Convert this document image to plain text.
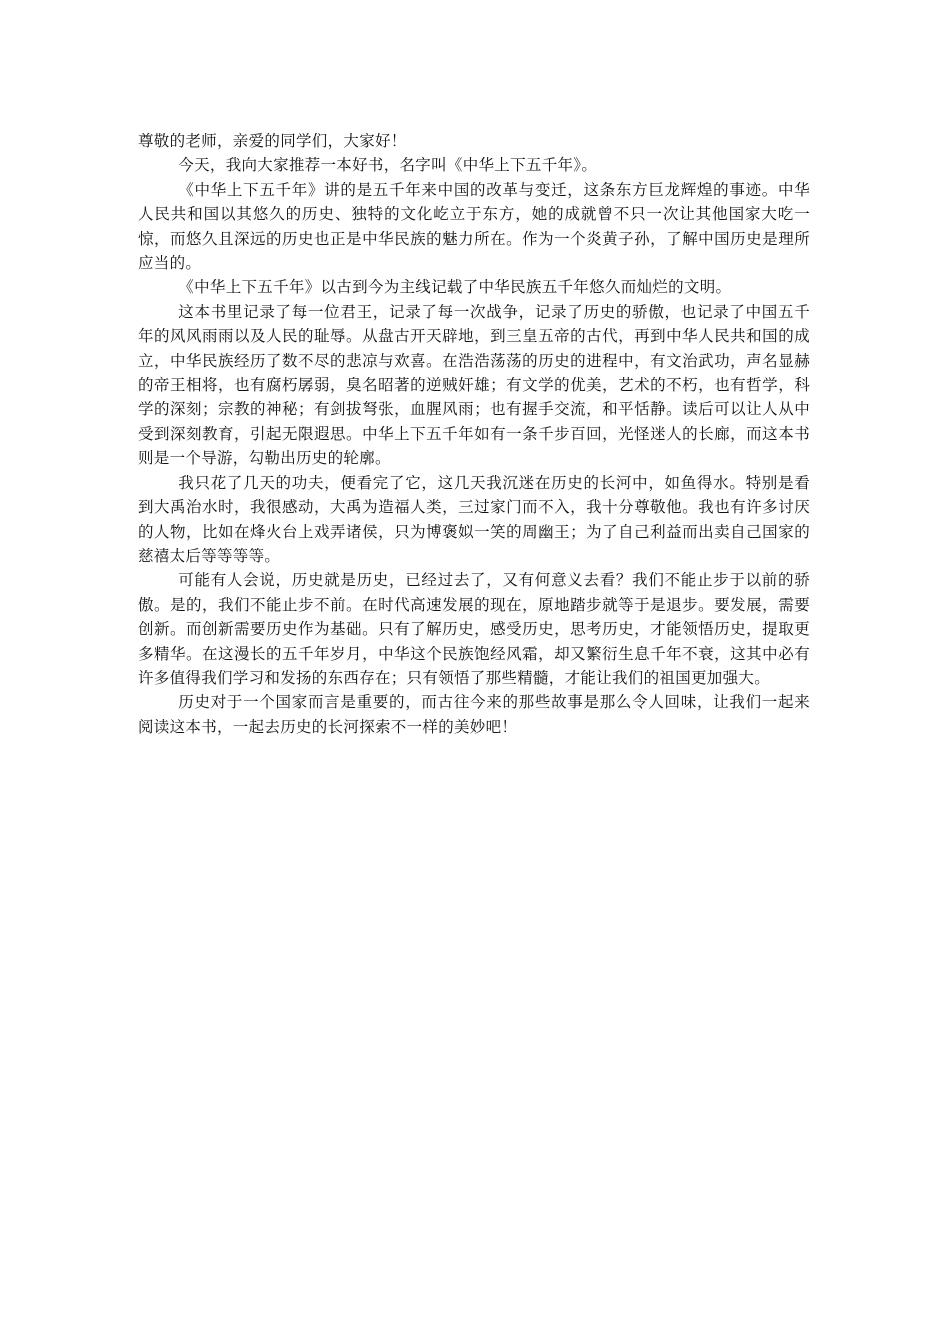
尊敬的老师，亲爱的同学们，大家好！

今天，我向大家推荐一本好书，名字叫《中华上下五千年》。

《中华上下五千年》讲的是五千年来中国的改革与变迁，这条东方巨龙辉煌的事迹。中华人民共和国以其悠久的历史、独特的文化屹立于东方，她的成就曾不只一次让其他国家大吃一惊，而悠久且深远的历史也正是中华民族的魅力所在。作为一个炎黄子孙，了解中国历史是理所应当的。

《中华上下五千年》以古到今为主线记载了中华民族五千年悠久而灿烂的文明。

这本书里记录了每一位君王，记录了每一次战争，记录了历史的骄傲，也记录了中国五千年的风风雨雨以及人民的耻辱。从盘古开天辟地，到三皇五帝的古代，再到中华人民共和国的成立，中华民族经历了数不尽的悲凉与欢喜。在浩浩荡荡的历史的进程中，有文治武功，声名显赫的帝王相将，也有腐朽孱弱，臭名昭著的逆贼奸雄；有文学的优美，艺术的不朽，也有哲学，科学的深刻；宗教的神秘；有剑拔弩张，血腥风雨；也有握手交流，和平恬静。读后可以让人从中受到深刻教育，引起无限遐思。中华上下五千年如有一条千步百回，光怪迷人的长廊，而这本书则是一个导游，勾勒出历史的轮廓。

我只花了几天的功夫，便看完了它，这几天我沉迷在历史的长河中，如鱼得水。特别是看到大禹治水时，我很感动，大禹为造福人类，三过家门而不入，我十分尊敬他。我也有许多讨厌的人物，比如在烽火台上戏弄诸侯，只为博褒姒一笑的周幽王；为了自己利益而出卖自己国家的慈禧太后等等等等。

可能有人会说，历史就是历史，已经过去了，又有何意义去看？我们不能止步于以前的骄傲。是的，我们不能止步不前。在时代高速发展的现在，原地踏步就等于是退步。要发展，需要创新。而创新需要历史作为基础。只有了解历史，感受历史，思考历史，才能领悟历史，提取更多精华。在这漫长的五千年岁月，中华这个民族饱经风霜，却又繁衍生息千年不衰，这其中必有许多值得我们学习和发扬的东西存在；只有领悟了那些精髓，才能让我们的祖国更加强大。

历史对于一个国家而言是重要的，而古往今来的那些故事是那么令人回味，让我们一起来阅读这本书，一起去历史的长河探索不一样的美妙吧！
